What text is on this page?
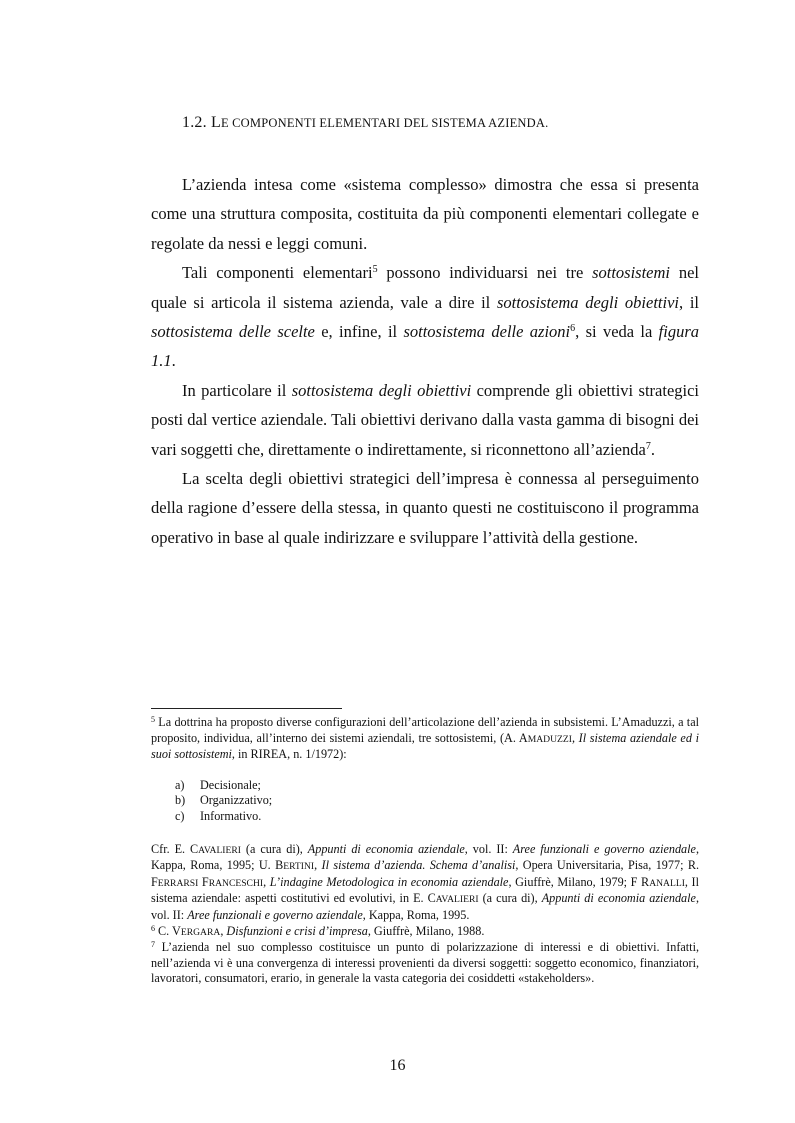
1.2. LE COMPONENTI ELEMENTARI DEL SISTEMA AZIENDA.

L’azienda intesa come «sistema complesso» dimostra che essa si presenta come una struttura composita, costituita da più componenti elementari collegate e regolate da nessi e leggi comuni.

Tali componenti elementari$^5$ possono individuarsi nei tre sottosistemi nel quale si articola il sistema azienda, vale a dire il sottosistema degli obiettivi, il sottosistema delle scelte e, infine, il sottosistema delle azioni$^6$, si veda la figura 1.1.

In particolare il sottosistema degli obiettivi comprende gli obiettivi strategici posti dal vertice aziendale. Tali obiettivi derivano dalla vasta gamma di bisogni dei vari soggetti che, direttamente o indirettamente, si riconnettono all’azienda$^7$.

La scelta degli obiettivi strategici dell’impresa è connessa al perseguimento della ragione d’essere della stessa, in quanto questi ne costituiscono il programma operativo in base al quale indirizzare e sviluppare l’attività della gestione.

$^5$ La dottrina ha proposto diverse configurazioni dell’articolazione dell’azienda in subsistemi. L’Amaduzzi, a tal proposito, individua, all’interno dei sistemi aziendali, tre sottosistemi, (A. AMADUZZI, Il sistema aziendale ed i suoi sottosistemi, in RIREA, n. 1/1972):

a)	Decisionale;
b)	Organizzativo;
c)	Informativo.

Cfr. E. CAVALIERI (a cura di), Appunti di economia aziendale, vol. II: Aree funzionali e governo aziendale, Kappa, Roma, 1995; U. BERTINI, Il sistema d’azienda. Schema d’analisi, Opera Universitaria, Pisa, 1977; R. FERRARSI FRANCESCHI, L’indagine Metodologica in economia aziendale, Giuffrè, Milano, 1979; F RANALLI, Il sistema aziendale: aspetti costitutivi ed evolutivi, in E. CAVALIERI (a cura di), Appunti di economia aziendale, vol. II: Aree funzionali e governo aziendale, Kappa, Roma, 1995.

$^6$ C. VERGARA, Disfunzioni e crisi d’impresa, Giuffrè, Milano, 1988.

$^7$ L’azienda nel suo complesso costituisce un punto di polarizzazione di interessi e di obiettivi. Infatti, nell’azienda vi è una convergenza di interessi provenienti da diversi soggetti: soggetto economico, finanziatori, lavoratori, consumatori, erario, in generale la vasta categoria dei cosiddetti «stakeholders».

16
